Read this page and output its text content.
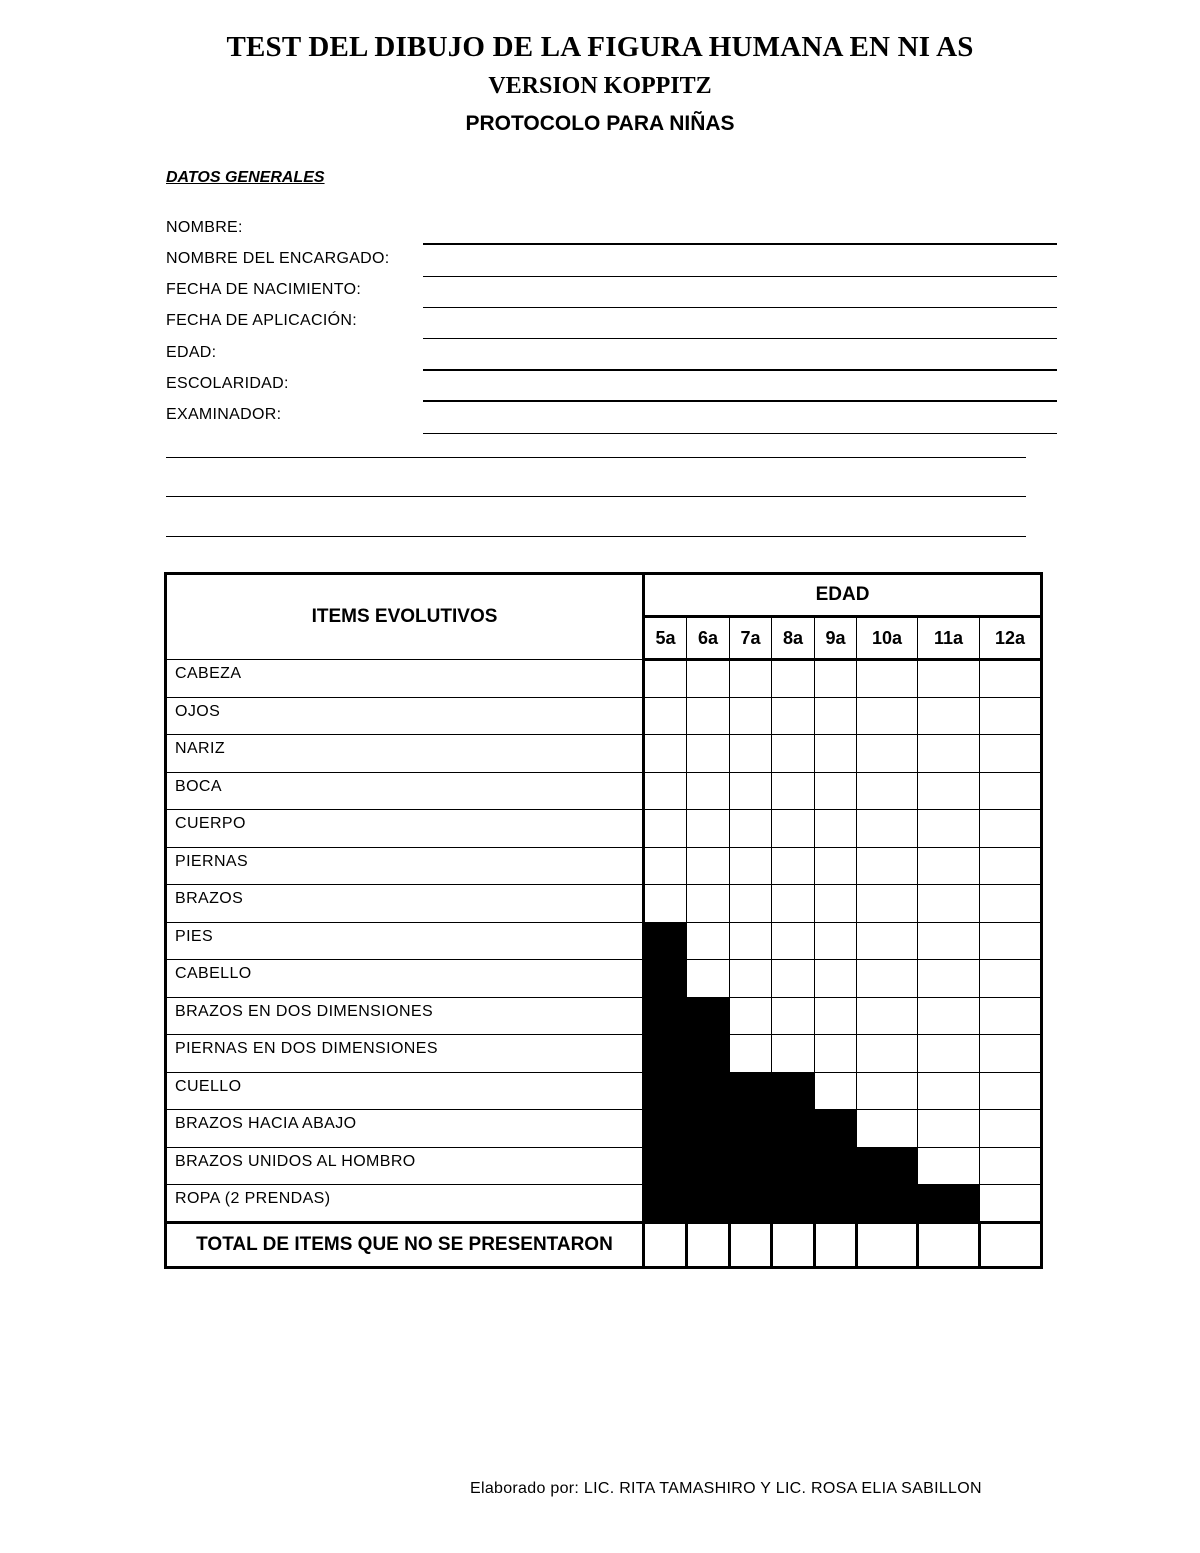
TEST DEL DIBUJO DE LA FIGURA HUMANA EN NI AS
VERSION KOPPITZ
PROTOCOLO PARA NIÑAS
DATOS GENERALES
NOMBRE:
NOMBRE DEL ENCARGADO:
FECHA DE NACIMIENTO:
FECHA DE APLICACIÓN:
EDAD:
ESCOLARIDAD:
EXAMINADOR:
ITEMS EVOLUTIVOS	EDAD							
	5a	6a	7a	8a	9a	10a	11a	12a
CABEZA								
OJOS								
NARIZ								
BOCA								
CUERPO								
PIERNAS								
BRAZOS								
PIES								
CABELLO								
BRAZOS EN DOS DIMENSIONES								
PIERNAS EN DOS DIMENSIONES								
CUELLO								
BRAZOS HACIA ABAJO								
BRAZOS UNIDOS AL HOMBRO								
ROPA (2 PRENDAS)								
TOTAL DE ITEMS QUE NO SE PRESENTARON								
Elaborado por: LIC. RITA TAMASHIRO Y LIC. ROSA ELIA SABILLON
